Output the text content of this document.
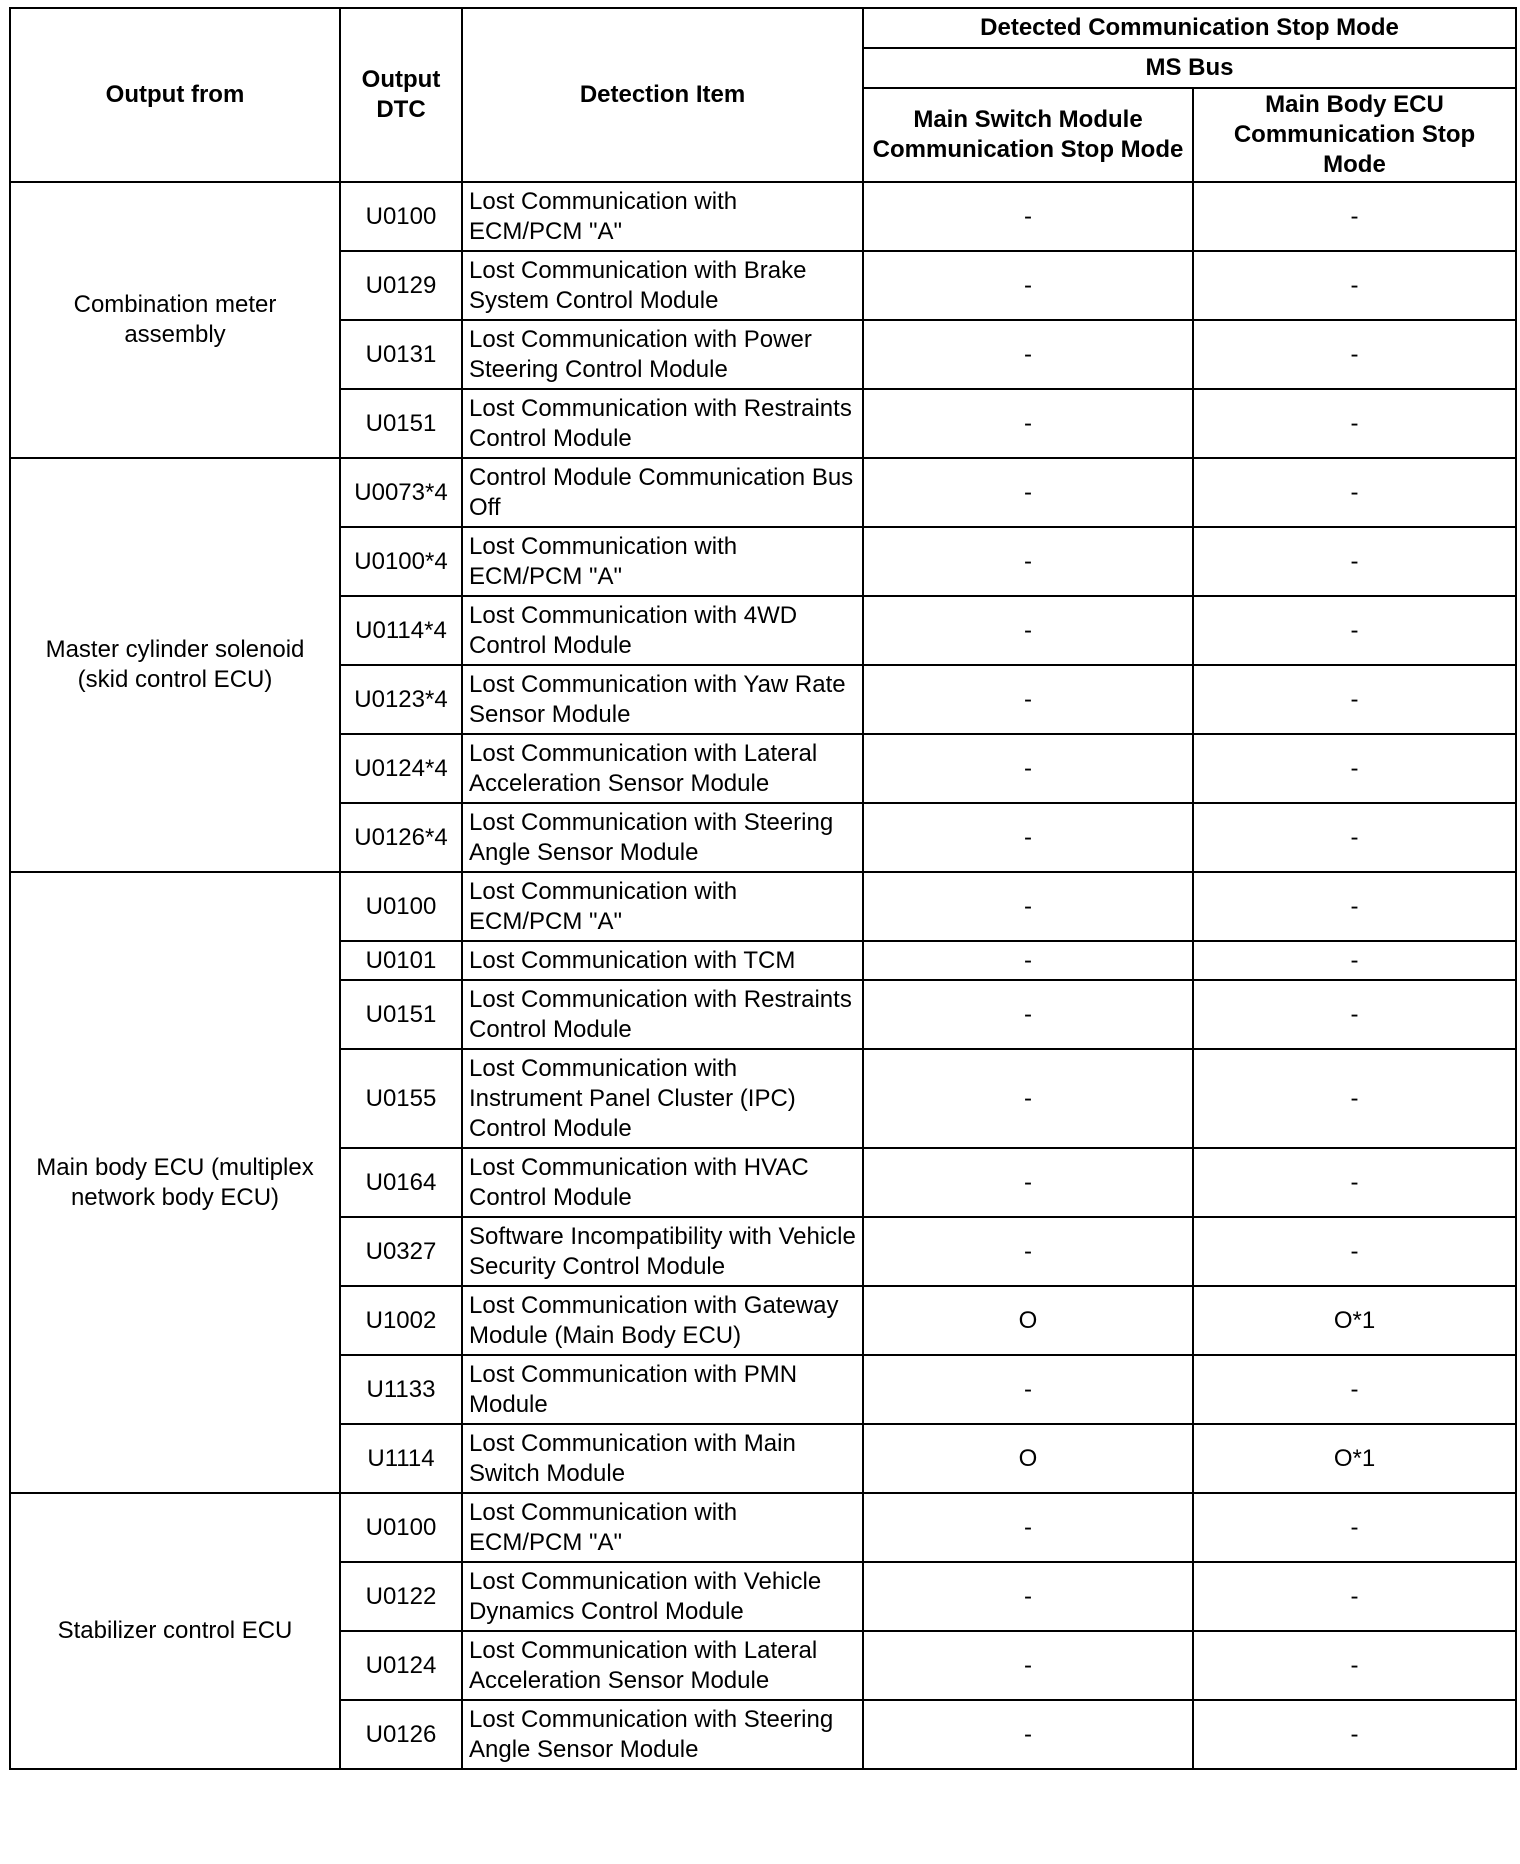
Output from	Output DTC	Detection Item	Detected Communication Stop Mode	
			MS Bus	
			Main Switch Module Communication Stop Mode	Main Body ECU Communication Stop Mode
Combination meter assembly	U0100	Lost Communication with ECM/PCM "A"	-	-
	U0129	Lost Communication with Brake System Control Module	-	-
	U0131	Lost Communication with Power Steering Control Module	-	-
	U0151	Lost Communication with Restraints Control Module	-	-
Master cylinder solenoid (skid control ECU)	U0073*4	Control Module Communication Bus Off	-	-
	U0100*4	Lost Communication with ECM/PCM "A"	-	-
	U0114*4	Lost Communication with 4WD Control Module	-	-
	U0123*4	Lost Communication with Yaw Rate Sensor Module	-	-
	U0124*4	Lost Communication with Lateral Acceleration Sensor Module	-	-
	U0126*4	Lost Communication with Steering Angle Sensor Module	-	-
Main body ECU (multiplex network body ECU)	U0100	Lost Communication with ECM/PCM "A"	-	-
	U0101	Lost Communication with TCM	-	-
	U0151	Lost Communication with Restraints Control Module	-	-
	U0155	Lost Communication with Instrument Panel Cluster (IPC) Control Module	-	-
	U0164	Lost Communication with HVAC Control Module	-	-
	U0327	Software Incompatibility with Vehicle Security Control Module	-	-
	U1002	Lost Communication with Gateway Module (Main Body ECU)	O	O*1
	U1133	Lost Communication with PMN Module	-	-
	U1114	Lost Communication with Main Switch Module	O	O*1
Stabilizer control ECU	U0100	Lost Communication with ECM/PCM "A"	-	-
	U0122	Lost Communication with Vehicle Dynamics Control Module	-	-
	U0124	Lost Communication with Lateral Acceleration Sensor Module	-	-
	U0126	Lost Communication with Steering Angle Sensor Module	-	-
